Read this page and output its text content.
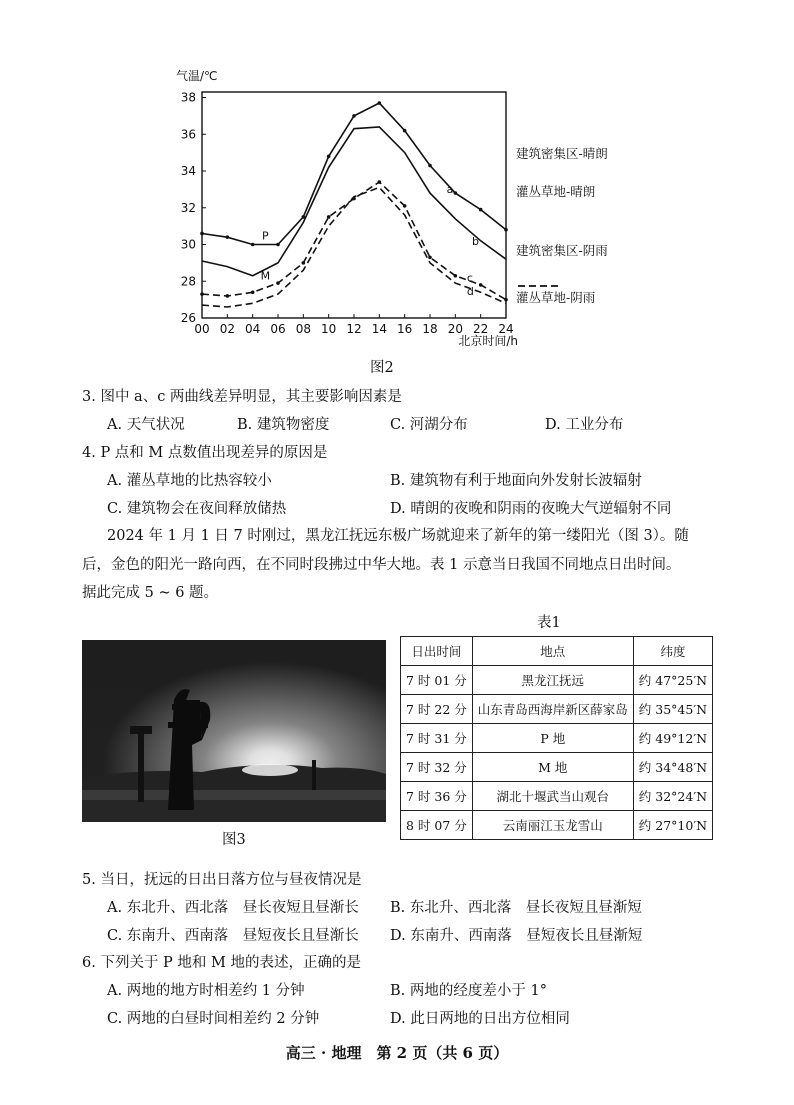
26
28
30
32
34
36
38
00 02 04 06 08 10 12 14 16 18 20 22 24
气温/℃
北京时间/h
a
建筑密集区-晴朗
b
灌丛草地-晴朗
c
建筑密集区-阴雨
d	灌丛草地-阴雨
P
M
图2
3. 图中 a、c 两曲线差异明显，其主要影响因素是
A. 天气状况	B. 建筑物密度	C. 河湖分布	D. 工业分布
4. P 点和 M 点数值出现差异的原因是
A. 灌丛草地的比热容较小	B. 建筑物有利于地面向外发射长波辐射
C. 建筑物会在夜间释放储热	D. 晴朗的夜晚和阴雨的夜晚大气逆辐射不同
2024 年 1 月 1 日 7 时刚过，黑龙江抚远东极广场就迎来了新年的第一缕阳光（图 3）。随
后，金色的阳光一路向西，在不同时段拂过中华大地。表 1 示意当日我国不同地点日出时间。
据此完成 5 ~ 6 题。
图3
表1
日出时间	地点	纬度
7 时 01 分	黑龙江抚远	约 47°25′N
7 时 22 分	山东青岛西海岸新区薛家岛	约 35°45′N
7 时 31 分	P 地	约 49°12′N
7 时 32 分	M 地	约 34°48′N
7 时 36 分	湖北十堰武当山观台	约 32°24′N
8 时 07 分	云南丽江玉龙雪山	约 27°10′N
5. 当日，抚远的日出日落方位与昼夜情况是
A. 东北升、西北落　昼长夜短且昼渐长 B. 东北升、西北落　昼长夜短且昼渐短
C. 东南升、西南落　昼短夜长且昼渐长 D. 东南升、西南落　昼短夜长且昼渐短
6. 下列关于 P 地和 M 地的表述，正确的是
A. 两地的地方时相差约 1 分钟	B. 两地的经度差小于 1°
C. 两地的白昼时间相差约 2 分钟	D. 此日两地的日出方位相同
高三 · 地理　第 2 页（共 6 页）
